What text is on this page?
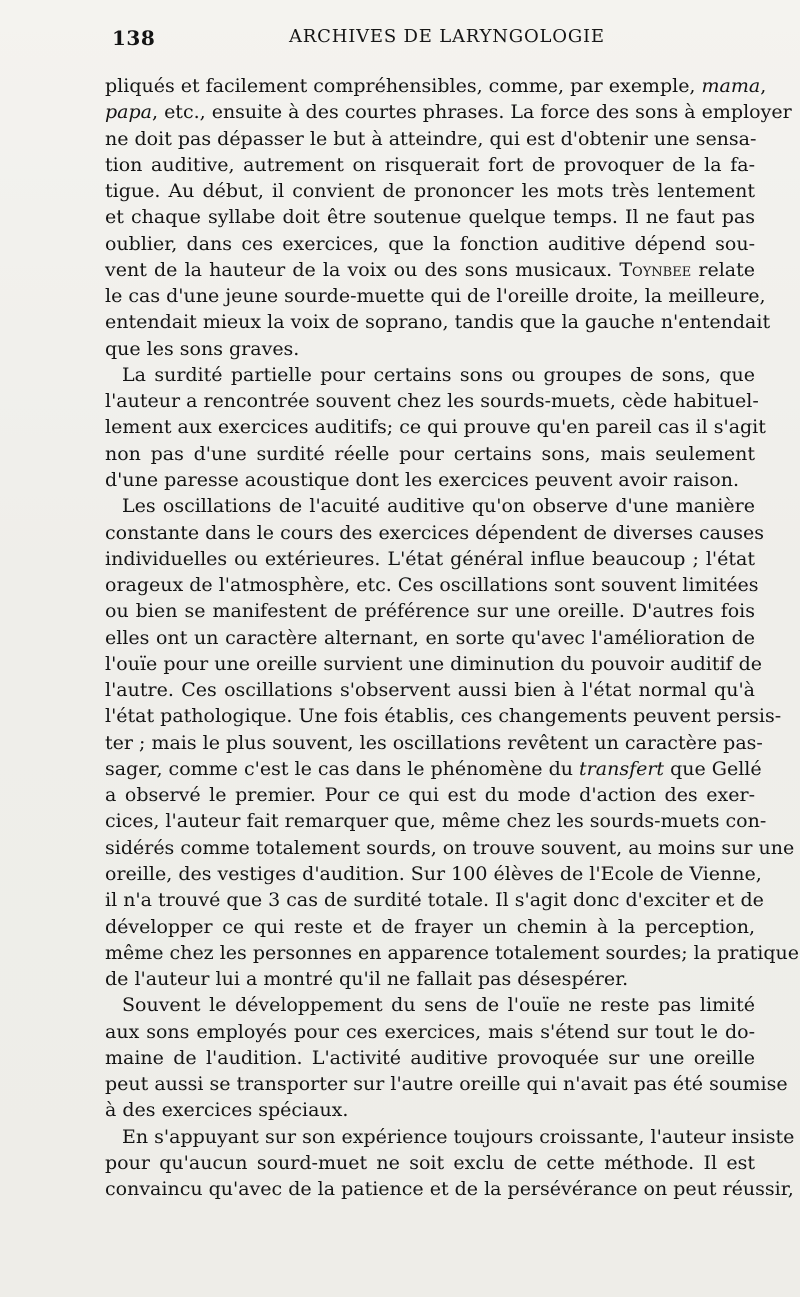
138	ARCHIVES DE LARYNGOLOGIE
pliqués et facilement compréhensibles, comme, par exemple, mama,
papa, etc., ensuite à des courtes phrases. La force des sons à employer
ne doit pas dépasser le but à atteindre, qui est d'obtenir une sensa-
tion auditive, autrement on risquerait fort de provoquer de la fa-
tigue. Au début, il convient de prononcer les mots très lentement
et chaque syllabe doit être soutenue quelque temps. Il ne faut pas
oublier, dans ces exercices, que la fonction auditive dépend sou-
vent de la hauteur de la voix ou des sons musicaux. Toynbee relate
le cas d'une jeune sourde-muette qui de l'oreille droite, la meilleure,
entendait mieux la voix de soprano, tandis que la gauche n'entendait
que les sons graves.
La surdité partielle pour certains sons ou groupes de sons, que
l'auteur a rencontrée souvent chez les sourds-muets, cède habituel-
lement aux exercices auditifs; ce qui prouve qu'en pareil cas il s'agit
non pas d'une surdité réelle pour certains sons, mais seulement
d'une paresse acoustique dont les exercices peuvent avoir raison.
Les oscillations de l'acuité auditive qu'on observe d'une manière
constante dans le cours des exercices dépendent de diverses causes
individuelles ou extérieures. L'état général influe beaucoup ; l'état
orageux de l'atmosphère, etc. Ces oscillations sont souvent limitées
ou bien se manifestent de préférence sur une oreille. D'autres fois
elles ont un caractère alternant, en sorte qu'avec l'amélioration de
l'ouïe pour une oreille survient une diminution du pouvoir auditif de
l'autre. Ces oscillations s'observent aussi bien à l'état normal qu'à
l'état pathologique. Une fois établis, ces changements peuvent persis-
ter ; mais le plus souvent, les oscillations revêtent un caractère pas-
sager, comme c'est le cas dans le phénomène du transfert que Gellé
a observé le premier. Pour ce qui est du mode d'action des exer-
cices, l'auteur fait remarquer que, même chez les sourds-muets con-
sidérés comme totalement sourds, on trouve souvent, au moins sur une
oreille, des vestiges d'audition. Sur 100 élèves de l'Ecole de Vienne,
il n'a trouvé que 3 cas de surdité totale. Il s'agit donc d'exciter et de
développer ce qui reste et de frayer un chemin à la perception,
même chez les personnes en apparence totalement sourdes; la pratique
de l'auteur lui a montré qu'il ne fallait pas désespérer.
Souvent le développement du sens de l'ouïe ne reste pas limité
aux sons employés pour ces exercices, mais s'étend sur tout le do-
maine de l'audition. L'activité auditive provoquée sur une oreille
peut aussi se transporter sur l'autre oreille qui n'avait pas été soumise
à des exercices spéciaux.
En s'appuyant sur son expérience toujours croissante, l'auteur insiste
pour qu'aucun sourd-muet ne soit exclu de cette méthode. Il est
convaincu qu'avec de la patience et de la persévérance on peut réussir,
